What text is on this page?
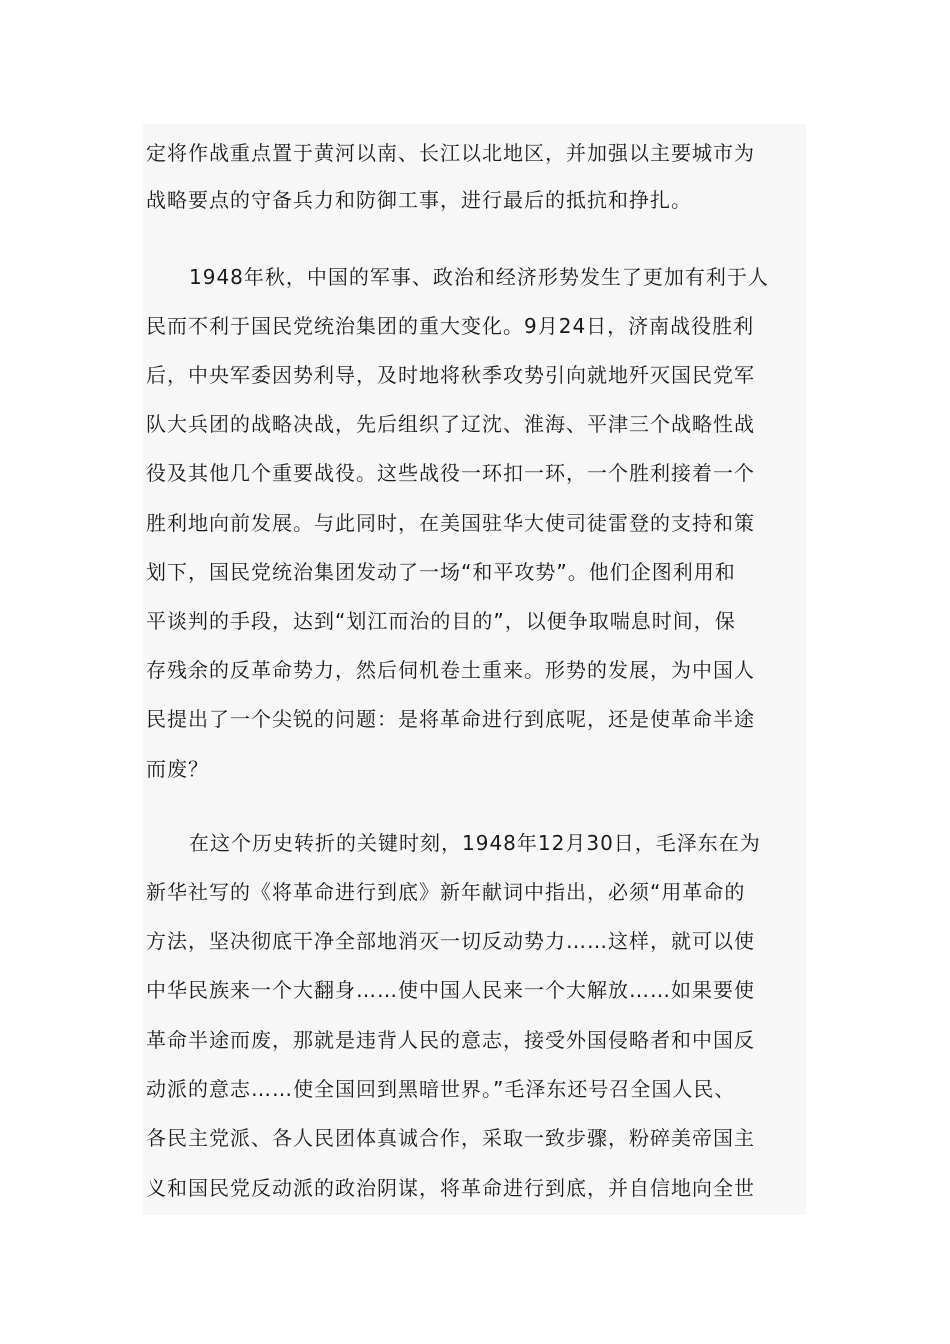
定将作战重点置于黄河以南、长江以北地区，并加强以主要城市为
战略要点的守备兵力和防御工事，进行最后的抵抗和挣扎。
1948年秋，中国的军事、政治和经济形势发生了更加有利于人
民而不利于国民党统治集团的重大变化。9月24日，济南战役胜利
后，中央军委因势利导，及时地将秋季攻势引向就地歼灭国民党军
队大兵团的战略决战，先后组织了辽沈、淮海、平津三个战略性战
役及其他几个重要战役。这些战役一环扣一环，一个胜利接着一个
胜利地向前发展。与此同时，在美国驻华大使司徒雷登的支持和策
划下，国民党统治集团发动了一场“和平攻势”。他们企图利用和
平谈判的手段，达到“划江而治的目的”，以便争取喘息时间，保
存残余的反革命势力，然后伺机卷土重来。形势的发展，为中国人
民提出了一个尖锐的问题：是将革命进行到底呢，还是使革命半途
而废？
在这个历史转折的关键时刻，1948年12月30日，毛泽东在为
新华社写的《将革命进行到底》新年献词中指出，必须“用革命的
方法，坚决彻底干净全部地消灭一切反动势力……这样，就可以使
中华民族来一个大翻身……使中国人民来一个大解放……如果要使
革命半途而废，那就是违背人民的意志，接受外国侵略者和中国反
动派的意志……使全国回到黑暗世界。”毛泽东还号召全国人民、
各民主党派、各人民团体真诚合作，采取一致步骤，粉碎美帝国主
义和国民党反动派的政治阴谋，将革命进行到底，并自信地向全世
